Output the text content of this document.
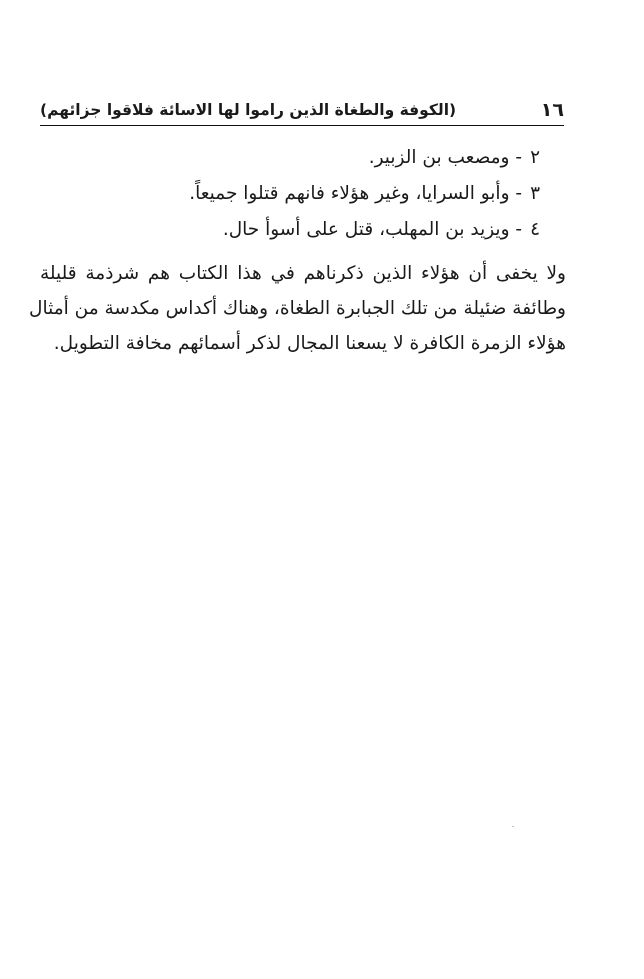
١٦
(الكوفة والطغاة الذين راموا لها الاسائة فلاقوا جزائهم)
٢- ومصعب بن الزبير.
٣- وأبو السرايا، وغير هؤلاء فانهم قتلوا جميعاً.
٤- ويزيد بن المهلب، قتل على أسوأ حال.

ولا يخفى أن هؤلاء الذين ذكرناهم في هذا الكتاب هم شرذمة قليلة
وطائفة ضئيلة من تلك الجبابرة الطغاة، وهناك أكداس مكدسة من أمثال
هؤلاء الزمرة الكافرة لا يسعنا المجال لذكر أسمائهم مخافة التطويل.
